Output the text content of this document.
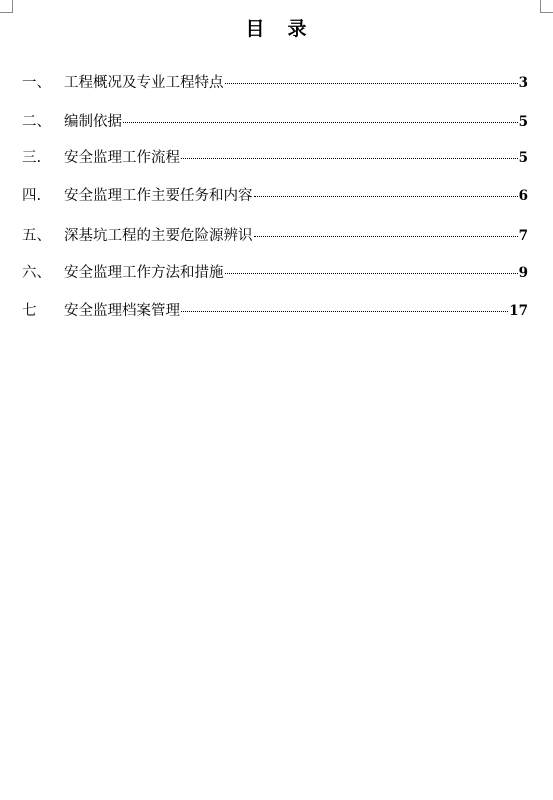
目 录
一、 工程概况及专业工程特点	3
二、 编制依据	5
三.	安全监理工作流程	5
四.	安全监理工作主要任务和内容	6
五、 深基坑工程的主要危险源辨识	7
六、 安全监理工作方法和措施	9
七	安全监理档案管理	17
